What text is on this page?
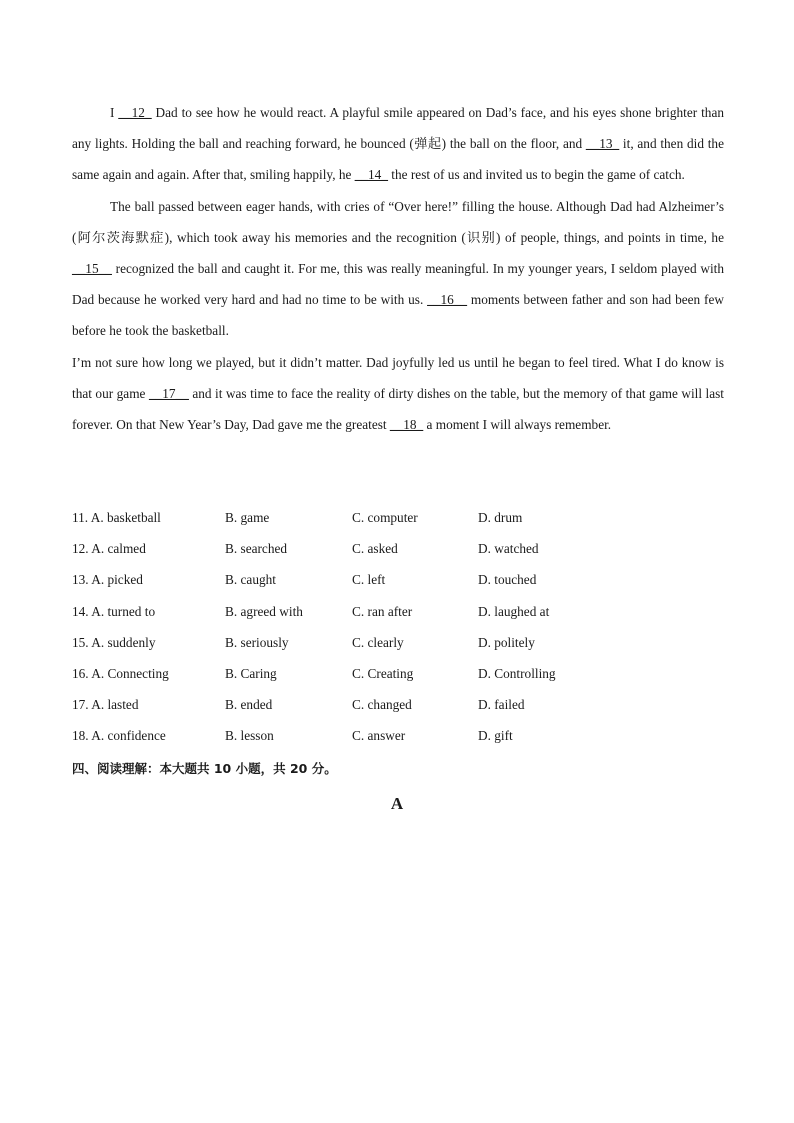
I __12_ Dad to see how he would react. A playful smile appeared on Dad’s face, and his eyes shone brighter than any lights. Holding the ball and reaching forward, he bounced (弹起) the ball on the floor, and __13_ it, and then did the same again and again. After that, smiling happily, he __14_ the rest of us and invited us to begin the game of catch.

The ball passed between eager hands, with cries of “Over here!” filling the house. Although Dad had Alzheimer’s (阿尔茨海默症), which took away his memories and the recognition (识别) of people, things, and points in time, he __15__ recognized the ball and caught it. For me, this was really meaningful. In my younger years, I seldom played with Dad because he worked very hard and had no time to be with us. __16__ moments between father and son had been few before he took the basketball.

I’m not sure how long we played, but it didn’t matter. Dad joyfully led us until he began to feel tired. What I do know is that our game __17__ and it was time to face the reality of dirty dishes on the table, but the memory of that game will last forever. On that New Year’s Day, Dad gave me the greatest __18_ a moment I will always remember.

11. A. basketball	B. game	C. computer	D. drum
12. A. calmed	B. searched	C. asked	D. watched
13. A. picked	B. caught	C. left	D. touched
14. A. turned to	B. agreed with	C. ran after	D. laughed at
15. A. suddenly	B. seriously	C. clearly	D. politely
16. A. Connecting	B. Caring	C. Creating	D. Controlling
17. A. lasted	B. ended	C. changed	D. failed
18. A. confidence	B. lesson	C. answer	D. gift
四、阅读理解：本大题共 10 小题，共 20 分。
A
